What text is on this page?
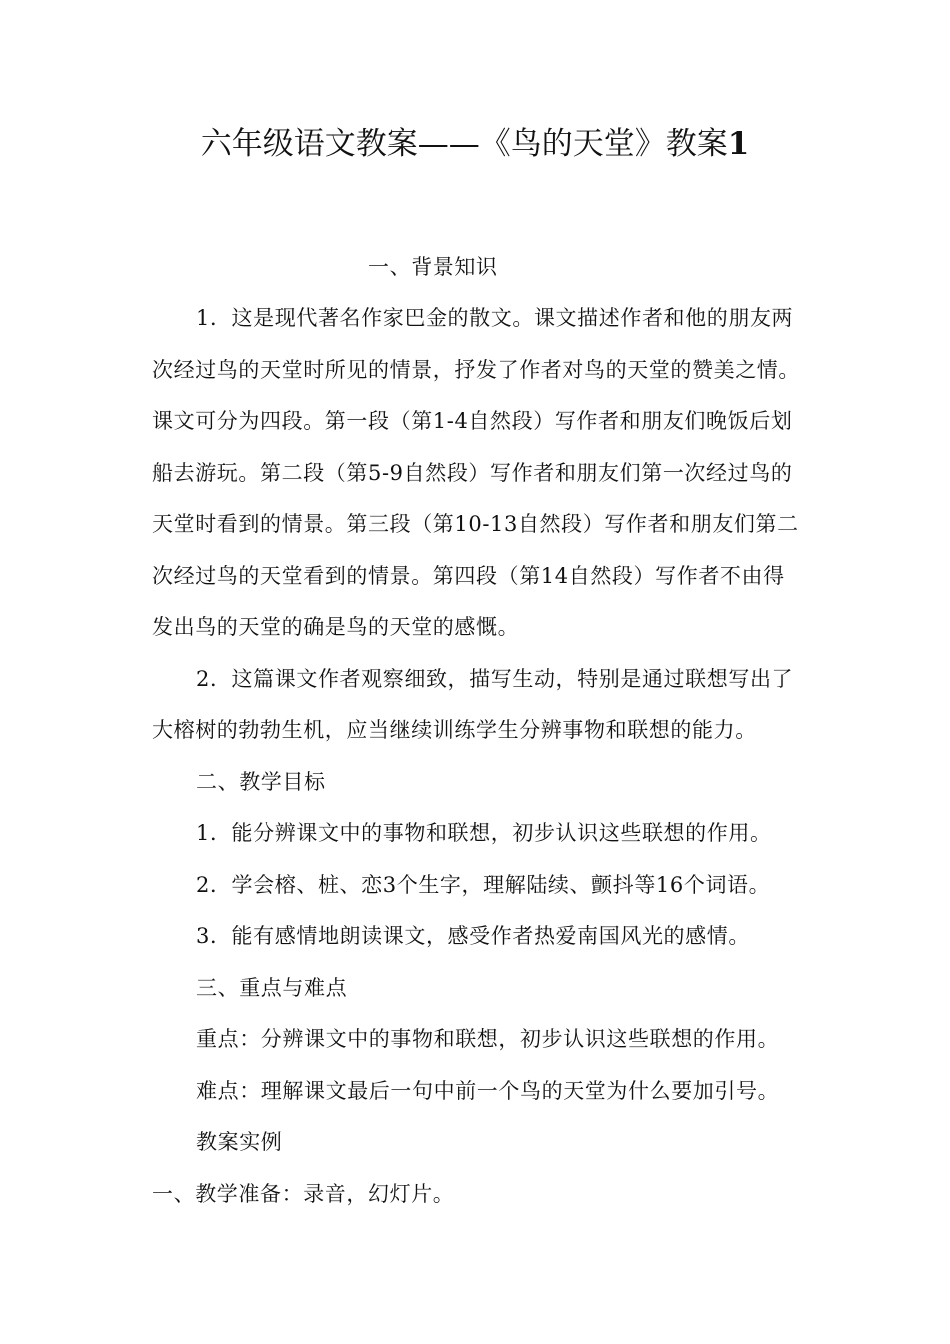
六年级语文教案——《鸟的天堂》教案1
一、背景知识

1．这是现代著名作家巴金的散文。课文描述作者和他的朋友两次经过鸟的天堂时所见的情景，抒发了作者对鸟的天堂的赞美之情。课文可分为四段。第一段（第1-4自然段）写作者和朋友们晚饭后划船去游玩。第二段（第5-9自然段）写作者和朋友们第一次经过鸟的天堂时看到的情景。第三段（第10-13自然段）写作者和朋友们第二次经过鸟的天堂看到的情景。第四段（第14自然段）写作者不由得发出鸟的天堂的确是鸟的天堂的感慨。

2．这篇课文作者观察细致，描写生动，特别是通过联想写出了大榕树的勃勃生机，应当继续训练学生分辨事物和联想的能力。

二、教学目标

1．能分辨课文中的事物和联想，初步认识这些联想的作用。

2．学会榕、桩、恋3个生字，理解陆续、颤抖等16个词语。

3．能有感情地朗读课文，感受作者热爱南国风光的感情。

三、重点与难点

重点：分辨课文中的事物和联想，初步认识这些联想的作用。

难点：理解课文最后一句中前一个鸟的天堂为什么要加引号。

教案实例

一、教学准备：录音，幻灯片。
